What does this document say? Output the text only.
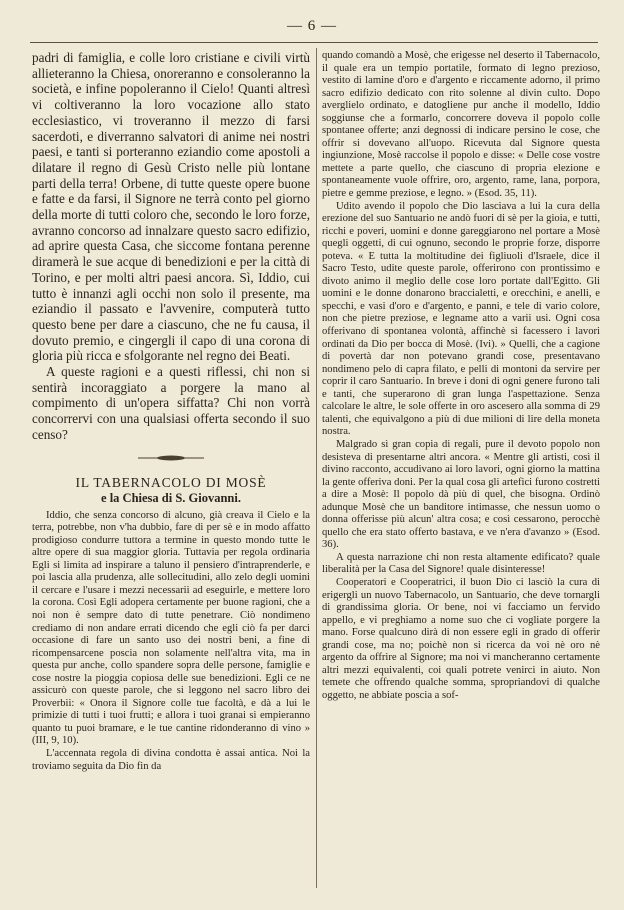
— 6 —

padri di famiglia, e colle loro cristiane e civili virtù allieteranno la Chiesa, onoreranno e consoleranno la società, e infine popoleranno il Cielo! Quanti altresì vi coltiveranno la loro vocazione allo stato ecclesiastico, vi troveranno il mezzo di farsi sacerdoti, e diverranno salvatori di anime nei nostri paesi, e tanti si porteranno eziandio come apostoli a dilatare il regno di Gesù Cristo nelle più lontane parti della terra! Orbene, di tutte queste opere buone e fatte e da farsi, il Signore ne terrà conto pel giorno della morte di tutti coloro che, secondo le loro forze, avranno concorso ad innalzare questo sacro edifizio, ad aprire questa Casa, che siccome fontana perenne diramerà le sue acque di benedizioni e per la città di Torino, e per molti altri paesi ancora. Sì, Iddio, cui tutto è innanzi agli occhi non solo il presente, ma eziandio il passato e l'avvenire, computerà tutto questo bene per dare a ciascuno, che ne fu causa, il dovuto premio, e cingergli il capo di una corona di gloria più ricca e sfolgorante nel regno dei Beati.

A queste ragioni e a questi riflessi, chi non si sentirà incoraggiato a porgere la mano al compimento di un'opera siffatta? Chi non vorrà concorrervi con una qualsiasi offerta secondo il suo censo?

IL TABERNACOLO DI MOSÈ

e la Chiesa di S. Giovanni.

Iddio, che senza concorso di alcuno, già creava il Cielo e la terra, potrebbe, non v'ha dubbio, fare di per sè e in modo affatto prodigioso condurre tuttora a termine in questo mondo tutte le altre opere di sua maggior gloria. Tuttavia per regola ordinaria Egli si limita ad inspirare a taluno il pensiero d'intraprenderle, e poi lascia alla prudenza, alle sollecitudini, allo zelo degli uomini il cercare e l'usare i mezzi necessarii ad eseguirle, e mettere loro la corona. Così Egli adopera certamente per buone ragioni, che a noi non è sempre dato di tutte penetrare. Ciò nondimeno crediamo di non andare errati dicendo che egli ciò fa per darci occasione di fare un santo uso dei nostri beni, a fine di ricompensarcene poscia non solamente nell'altra vita, ma in questa pur anche, collo spandere sopra delle persone, famiglie e cose nostre la pioggia copiosa delle sue benedizioni. Egli ce ne assicurò con queste parole, che si leggono nel sacro libro dei Proverbii: « Onora il Signore colle tue facoltà, e dà a lui le primizie di tutti i tuoi frutti; e allora i tuoi granai si empieranno quanto tu puoi bramare, e le tue cantine ridonderanno di vino » (III, 9, 10).

L'accennata regola di divina condotta è assai antica. Noi la troviamo seguita da Dio fin da

quando comandò a Mosè, che erigesse nel deserto il Tabernacolo, il quale era un tempio portatile, formato di legno prezioso, vestito di lamine d'oro e d'argento e riccamente adorno, il primo sacro edifizio dedicato con rito solenne al divin culto. Dopo averglielo ordinato, e datogliene pur anche il modello, Iddio soggiunse che a formarlo, concorrere doveva il popolo colle spontanee offerte; anzi degnossi di indicare persino le cose, che offrir si dovevano all'uopo. Ricevuta dal Signore questa ingiunzione, Mosè raccolse il popolo e disse: « Delle cose vostre mettete a parte quello, che ciascuno di propria elezione e spontaneamente vuole offrire, oro, argento, rame, lana, porpora, pietre e gemme preziose, e legno. » (Esod. 35, 11).

Udito avendo il popolo che Dio lasciava a lui la cura della erezione del suo Santuario ne andò fuori di sè per la gioia, e tutti, ricchi e poveri, uomini e donne gareggiarono nel portare a Mosè quegli oggetti, di cui ognuno, secondo le proprie forze, disporre poteva. « E tutta la moltitudine dei figliuoli d'Israele, dice il Sacro Testo, udite queste parole, offerirono con prontissimo e divoto animo il meglio delle cose loro portate dall'Egitto. Gli uomini e le donne donarono braccialetti, e orecchini, e anelli, e specchi, e vasi d'oro e d'argento, e panni, e tele di vario colore, non che pietre preziose, e legname atto a varii usi. Ogni cosa offerivano di spontanea volontà, affinchè si facessero i lavori ordinati da Dio per bocca di Mosè. (Ivi). » Quelli, che a cagione di povertà dar non potevano grandi cose, presentavano nondimeno pelo di capra filato, e pelli di montoni da servire per coprir il caro Santuario. In breve i doni di ogni genere furono tali e tanti, che superarono di gran lunga l'aspettazione. Senza calcolare le altre, le sole offerte in oro ascesero alla somma di 29 talenti, che equivalgono a più di due milioni di lire della moneta nostra.

Malgrado sì gran copia di regali, pure il devoto popolo non desisteva di presentarne altri ancora. « Mentre gli artisti, così il divino racconto, accudivano ai loro lavori, ogni giorno la mattina la gente offeriva doni. Per la qual cosa gli artefici furono costretti a dire a Mosè: Il popolo dà più di quel, che bisogna. Ordinò adunque Mosè che un banditore intimasse, che nessun uomo o donna offerisse più alcun' altra cosa; e così cessarono, perocchè quello che era stato offerto bastava, e ve n'era d'avanzo » (Esod. 36).

A questa narrazione chi non resta altamente edificato? quale liberalità per la Casa del Signore! quale disinteresse!

Cooperatori e Cooperatrici, il buon Dio ci lasciò la cura di erigergli un nuovo Tabernacolo, un Santuario, che deve tornargli di grandissima gloria. Or bene, noi vi facciamo un fervido appello, e vi preghiamo a nome suo che ci vogliate porgere la mano. Forse qualcuno dirà di non essere egli in grado di offerir grandi cose, ma no; poichè non si ricerca da voi nè oro nè argento da offrire al Signore; ma noi vi mancheranno certamente altri mezzi equivalenti, coi quali potrete venirci in aiuto. Non temete che offrendo qualche somma, spropriandovi di qualche oggetto, ne abbiate poscia a sof-
